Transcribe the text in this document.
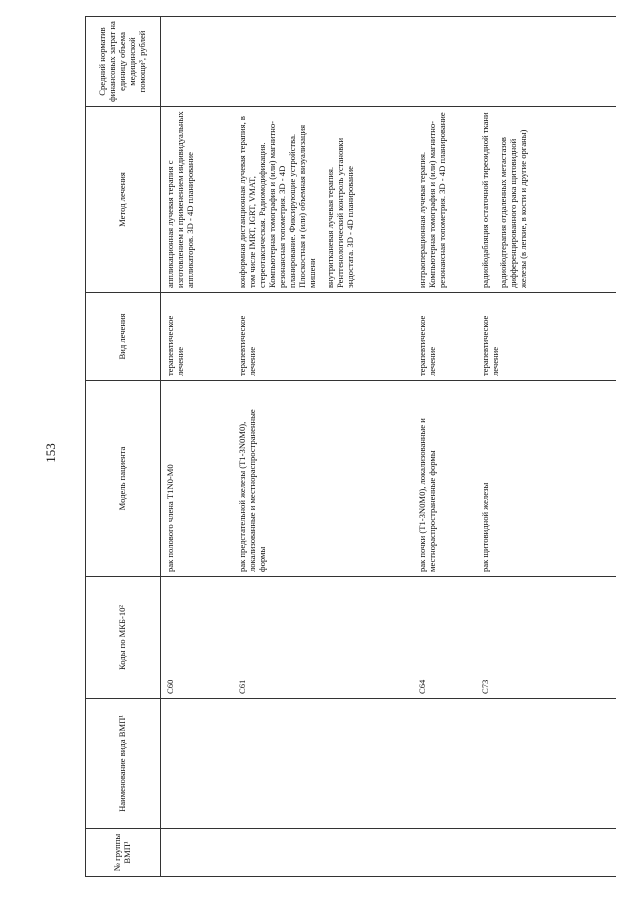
153
№ группы ВМП¹	Наименование вида ВМП¹	Коды по МКБ-10²	Модель пациента	Вид лечения	Метод лечения	Средний норматив финансовых затрат на единицу объема медицинской помощи³, рублей
		C60	рак полового члена T1N0-M0	терапевтическое лечение	аппликационная лучевая терапия с изготовлением и применением индивидуальных аппликаторов. 3D - 4D планирование	

		C61	рак предстательной железы (T1-3N0M0), локализованные и местнораспространенные формы	терапевтическое лечение	конформная дистанционная лучевая терапия, в том числе IMRT, IGRT, VMAT, стереотаксическая. Радиомодификация. Компьютерная томография и (или) магнитно-резонансная топометрия. 3D - 4D планирование. Фиксирующие устройства. Плоскостная и (или) объемная визуализация мишени внутритканевая лучевая терапия. Рентгенологический контроль установки эндостата. 3D - 4D планирование	

		C64	рак почки (T1-3N0M0), локализованные и местнораспространенные формы	терапевтическое лечение	интраоперационная лучевая терапия. Компьютерная томография и (или) магнитно-резонансная топометрия. 3D - 4D планирование	

		C73	рак щитовидной железы	терапевтическое лечение	радиойодабляция остаточной тиреоидной ткани радиойодтерапия отдаленных метастазов дифференцированного рака щитовидной железы (в легкие, в кости и другие органы)	
